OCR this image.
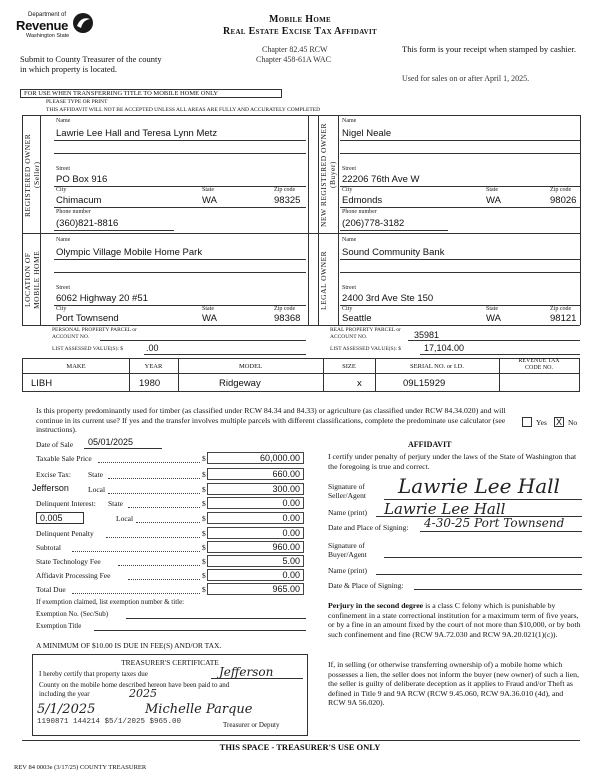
Department of
Revenue
Washington State
Mobile Home
Real Estate Excise Tax Affidavit
Chapter 82.45 RCW
Chapter 458-61A WAC
Submit to County Treasurer of the county in which property is located.
This form is your receipt when stamped by cashier.
Used for sales on or after April 1, 2025.
FOR USE WHEN TRANSFERRING TITLE TO MOBILE HOME ONLY
PLEASE TYPE OR PRINT
THIS AFFIDAVIT WILL NOT BE ACCEPTED UNLESS ALL AREAS ARE FULLY AND ACCURATELY COMPLETED
REGISTERED OWNER (Seller)	NEW REGISTERED OWNER (Buyer)
LOCATION OF MOBILE HOME	LEGAL OWNER
Name
Lawrie Lee Hall and Teresa Lynn Metz
Street
PO Box 916
City	State	Zip code
Chimacum	WA	98325
Phone number
(360)821-8816
Name
Nigel Neale
Street
22206 76th Ave W
City	State	Zip code
Edmonds	WA	98026
Phone number
(206)778-3182
Name
Olympic Village Mobile Home Park
Street
6062 Highway 20 #51
City	State	Zip code
Port Townsend	WA	98368
Name
Sound Community Bank
Street
2400 3rd Ave Ste 150
City	State	Zip code
Seattle	WA	98121
PERSONAL PROPERTY PARCEL or ACCOUNT NO.
LIST ASSESSED VALUE(S): $	.00
REAL PROPERTY PARCEL or ACCOUNT NO.	35981
LIST ASSESSED VALUE(S): $	17,104.00
MAKE	YEAR	MODEL	SIZE	SERIAL NO. or I.D.
REVENUE TAX CODE NO.
LIBH	1980	Ridgeway	x	09L15929
Is this property predominantly used for timber (as classified under RCW 84.34 and 84.33) or agriculture (as classified under RCW 84.34.020) and will continue in its current use? If yes and the transfer involves multiple parcels with different classifications, complete the predominate use calculator (see instructions).
Yes X No
Date of Sale 05/01/2025
Taxable Sale Price	$	60,000.00
Excise Tax: State	$	660.00
Jefferson	Local	$	300.00
Delinquent Interest: State	$	0.00
0.005	Local	$	0.00
Delinquent Penalty	$	0.00
Subtotal	$	960.00
State Technology Fee	$	5.00
Affidavit Processing Fee	$	0.00
Total Due	$	965.00
If exemption claimed, list exemption number & title:
Exemption No. (Sec/Sub)
Exemption Title
A MINIMUM OF $10.00 IS DUE IN FEE(S) AND/OR TAX.
TREASURER'S CERTIFICATE
I hereby certify that property taxes due	Jefferson
County on the mobile home described hereon have been paid to and including the year	2025
5/1/2025	Michelle Parque
1190871 144214 $5/1/2025 $965.00	Treasurer or Deputy
AFFIDAVIT
I certify under penalty of perjury under the laws of the State of Washington that the foregoing is true and correct.
Signature of Seller/Agent	Lawrie Lee Hall
Name (print) Lawrie Lee Hall
Date and Place of Signing: 4-30-25 Port Townsend
Signature of Buyer/Agent
Name (print)
Date & Place of Signing:
Perjury in the second degree is a class C felony which is punishable by confinement in a state correctional institution for a maximum term of five years, or by a fine in an amount fixed by the court of not more than $10,000, or by both such confinement and fine (RCW 9A.72.030 and RCW 9A.20.021(1)(c)).
If, in selling (or otherwise transferring ownership of) a mobile home which possesses a lien, the seller does not inform the buyer (new owner) of such a lien, the seller is guilty of deliberate deception as it applies to Fraud and/or Theft as defined in Title 9 and 9A RCW (RCW 9.45.060, RCW 9A.36.010 (4d), and RCW 9A 56.020).
THIS SPACE - TREASURER'S USE ONLY
REV 84 0003e (3/17/25) COUNTY TREASURER
